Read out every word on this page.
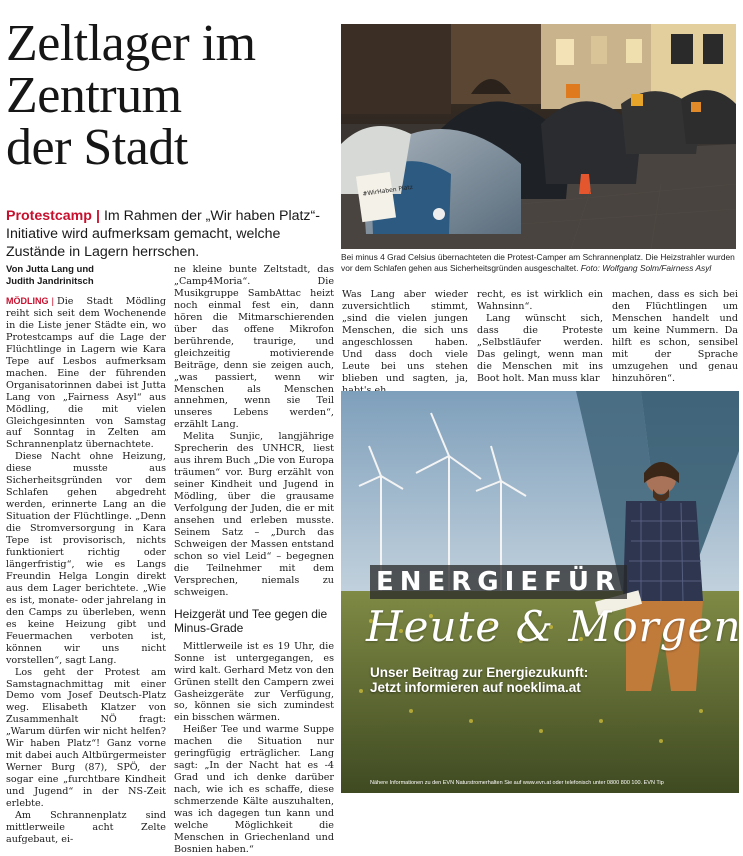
Zeltlager im
Zentrum
der Stadt
Protestcamp | Im Rahmen der „Wir haben Platz“-Initiative wird aufmerksam gemacht, welche Zustände in Lagern herrschen.
Von Jutta Lang und
Judith Jandrinitsch

MÖDLING | Die Stadt Mödling reiht sich seit dem Wochenende in die Liste jener Städte ein, wo Protestcamps auf die Lage der Flüchtlinge in Lagern wie Kara Tepe auf Lesbos aufmerksam machen. Eine der führenden Organisatorinnen dabei ist Jutta Lang von „Fairness Asyl“ aus Mödling, die mit vielen Gleichgesinnten von Samstag auf Sonntag in Zelten am Schrannenplatz übernachtete.

Diese Nacht ohne Heizung, diese musste aus Sicherheitsgründen vor dem Schlafen gehen abgedreht werden, erinnerte Lang an die Situation der Flüchtlinge. „Denn die Stromversorgung in Kara Tepe ist provisorisch, nichts funktioniert richtig oder längerfristig“, wie es Langs Freundin Helga Longin direkt aus dem Lager berichtete. „Wie es ist, monate- oder jahrelang in den Camps zu überleben, wenn es keine Heizung gibt und Feuermachen verboten ist, können wir uns nicht vorstellen“, sagt Lang.

Los geht der Protest am Samstagnachmittag mit einer Demo vom Josef Deutsch-Platz weg. Elisabeth Klatzer von Zusammenhalt NÖ fragt: „Warum dürfen wir nicht helfen? Wir haben Platz“! Ganz vorne mit dabei auch Altbürgermeister Werner Burg (87), SPÖ, der sogar eine „furchtbare Kindheit und Jugend“ in der NS-Zeit erlebte.

Am Schrannenplatz sind mittlerweile acht Zelte aufgebaut, ei-

ne kleine bunte Zeltstadt, das „Camp4Moria“. Die Musikgruppe SambAttac heizt noch einmal fest ein, dann hören die Mitmarschierenden über das offene Mikrofon berührende, traurige, und gleichzeitig motivierende Beiträge, denn sie zeigen auch, „was passiert, wenn wir Menschen als Menschen annehmen, wenn sie Teil unseres Lebens werden“, erzählt Lang.

Melita Sunjic, langjährige Sprecherin des UNHCR, liest aus ihrem Buch „Die von Europa träumen“ vor. Burg erzählt von seiner Kindheit und Jugend in Mödling, über die grausame Verfolgung der Juden, die er mit ansehen und erleben musste. Seinem Satz – „Durch das Schweigen der Massen entstand schon so viel Leid“ – begegnen die Teilnehmer mit dem Versprechen, niemals zu schweigen.

Heizgerät und Tee gegen die Minus-Grade

Mittlerweile ist es 19 Uhr, die Sonne ist untergegangen, es wird kalt. Gerhard Metz von den Grünen stellt den Campern zwei Gasheizgeräte zur Verfügung, so, können sie sich zumindest ein bisschen wärmen.

Heißer Tee und warme Suppe machen die Situation nur geringfügig erträglicher. Lang sagt: „In der Nacht hat es -4 Grad und ich denke darüber nach, wie ich es schaffe, diese schmerzende Kälte auszuhalten, was ich dagegen tun kann und welche Möglichkeit die Menschen in Griechenland und Bosnien haben.“

#WirHaben Platz
Bei minus 4 Grad Celsius übernachteten die Protest-Camper am Schrannenplatz. Die Heizstrahler wurden vor dem Schlafen gehen aus Sicherheitsgründen ausgeschaltet. Foto: Wolfgang Solm/Fairness Asyl

Was Lang aber wieder zuversichtlich stimmt, „sind die vielen jungen Menschen, die sich uns angeschlossen haben. Und dass doch viele Leute bei uns stehen blieben und sagten, ja,

recht, es ist wirklich ein Wahnsinn“.

Lang wünscht sich, dass die Proteste „Selbstläufer werden. Das gelingt, wenn man die Menschen mit ins Boot holt. Man muss klar

machen, dass es sich bei den Flüchtlingen um Menschen handelt und um keine Nummern. Da hilft es schon, sensibel mit der Sprache umzugehen und genau hinzuhören“.

ENERGIEFÜR
Heute & Morgen
Unser Beitrag zur Energiezukunft:
Jetzt informieren auf noeklima.at
Nähere Informationen zu den EVN Naturstromerhalten Sie auf www.evn.at oder telefonisch unter 0800 800 100. EVN Tip
